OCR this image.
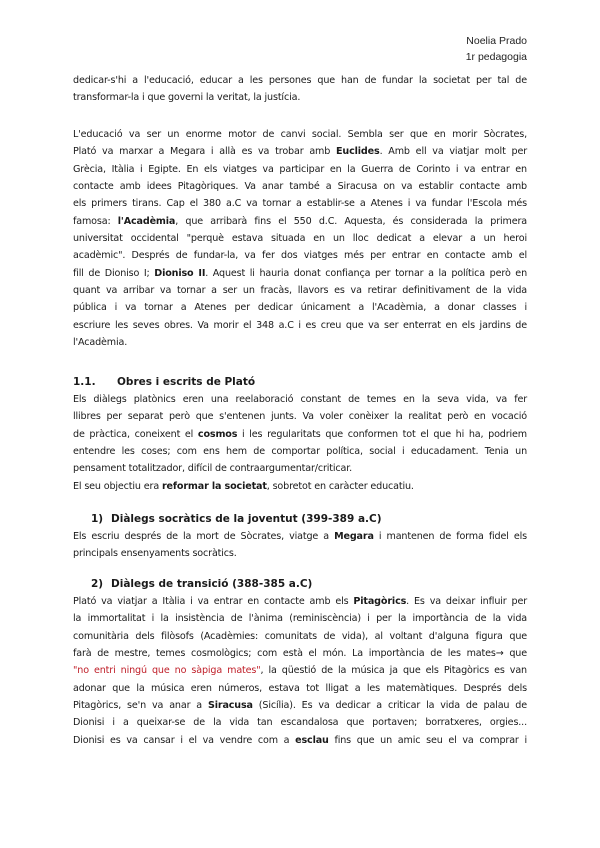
Noelia Prado
1r pedagogia
dedicar-s'hi a l'educació, educar a les persones que han de fundar la societat per tal de
transformar-la i que governi la veritat, la justícia.
L'educació va ser un enorme motor de canvi social. Sembla ser que en morir Sòcrates,
Plató va marxar a Megara i allà es va trobar amb Euclides. Amb ell va viatjar molt per
Grècia, Itàlia i Egipte. En els viatges va participar en la Guerra de Corinto i va entrar en
contacte amb idees Pitagòriques. Va anar també a Siracusa on va establir contacte amb
els primers tirans. Cap el 380 a.C va tornar a establir-se a Atenes i va fundar l'Escola més
famosa: l'Acadèmia, que arribarà fins el 550 d.C. Aquesta, és considerada la primera
universitat occidental "perquè estava situada en un lloc dedicat a elevar a un heroi
acadèmic". Després de fundar-la, va fer dos viatges més per entrar en contacte amb el
fill de Dioniso I; Dioniso II. Aquest li hauria donat confiança per tornar a la política però en
quant va arribar va tornar a ser un fracàs, llavors es va retirar definitivament de la vida
pública i va tornar a Atenes per dedicar únicament a l'Acadèmia, a donar classes i
escriure les seves obres. Va morir el 348 a.C i es creu que va ser enterrat en els jardins de
l'Acadèmia.
1.1. Obres i escrits de Plató
Els diàlegs platònics eren una reelaboració constant de temes en la seva vida, va fer
llibres per separat però que s'entenen junts. Va voler conèixer la realitat però en vocació
de pràctica, coneixent el cosmos i les regularitats que conformen tot el que hi ha, podriem
entendre les coses; com ens hem de comportar política, social i educadament. Tenia un
pensament totalitzador, difícil de contraargumentar/criticar.
El seu objectiu era reformar la societat, sobretot en caràcter educatiu.
1) Diàlegs socràtics de la joventut (399-389 a.C)
Els escriu després de la mort de Sòcrates, viatge a Megara i mantenen de forma fidel els
principals ensenyaments socràtics.
2) Diàlegs de transició (388-385 a.C)
Plató va viatjar a Itàlia i va entrar en contacte amb els Pitagòrics. Es va deixar influir per
la immortalitat i la insistència de l'ànima (reminiscència) i per la importància de la vida
comunitària dels filòsofs (Acadèmies: comunitats de vida), al voltant d'alguna figura que
farà de mestre, temes cosmològics; com està el món. La importància de les mates→ que
"no entri ningú que no sàpiga mates", la qüestió de la música ja que els Pitagòrics es van
adonar que la música eren números, estava tot lligat a les matemàtiques. Després dels
Pitagòrics, se'n va anar a Siracusa (Sicília). Es va dedicar a criticar la vida de palau de
Dionisi i a queixar-se de la vida tan escandalosa que portaven; borratxeres, orgies...
Dionisi es va cansar i el va vendre com a esclau fins que un amic seu el va comprar i
